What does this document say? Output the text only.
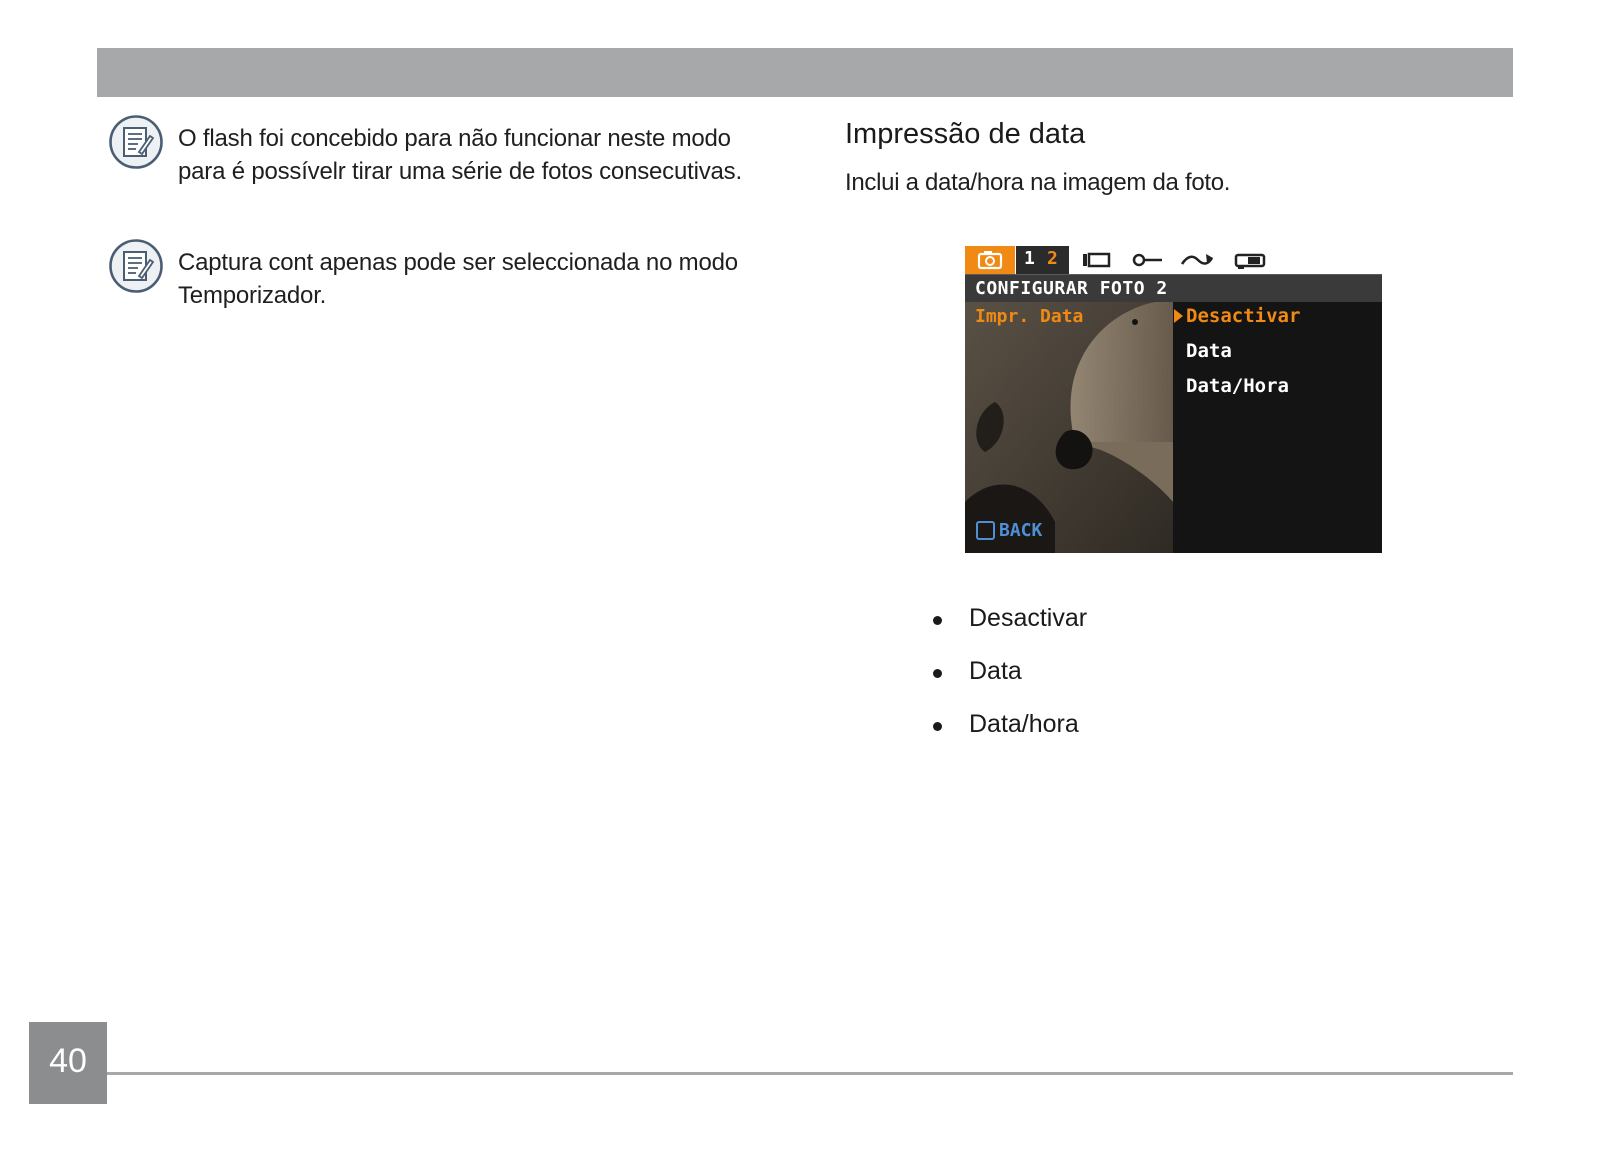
O flash foi concebido para não funcionar neste modo para é possívelr tirar uma série de fotos consecutivas.
Captura cont apenas pode ser seleccionada no modo Temporizador.
Impressão de data
Inclui a data/hora na imagem da foto.
1 2
CONFIGURAR FOTO 2
Impr. Data	Desactivar
Data
Data/Hora
BACK
Desactivar
Data
Data/hora
40
